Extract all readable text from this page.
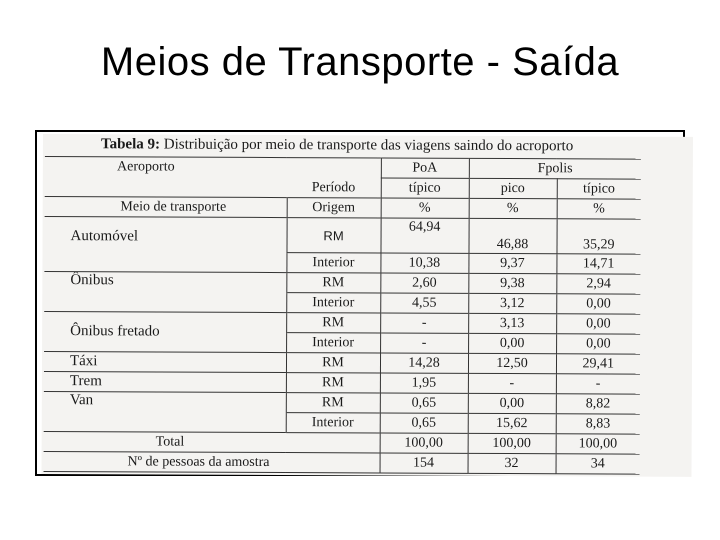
Meios de Transporte - Saída
Tabela 9: Distribuição por meio de transporte das viagens saindo do acroporto
Aeroporto		PoA	Fpolis	
	Período	típico	pico	típico
Meio de transporte	Origem	%	%	%
Automóvel	RM	64,94	46,88	35,29
	Interior	10,38	9,37	14,71
Ônibus	RM	2,60	9,38	2,94
	Interior	4,55	3,12	0,00
Ônibus fretado	RM	-	3,13	0,00
	Interior	-	0,00	0,00
Táxi	RM	14,28	12,50	29,41
Trem	RM	1,95	-	-
Van	RM	0,65	0,00	8,82
	Interior	0,65	15,62	8,83
Total		100,00	100,00	100,00
Nº de pessoas da amostra		154	32	34
